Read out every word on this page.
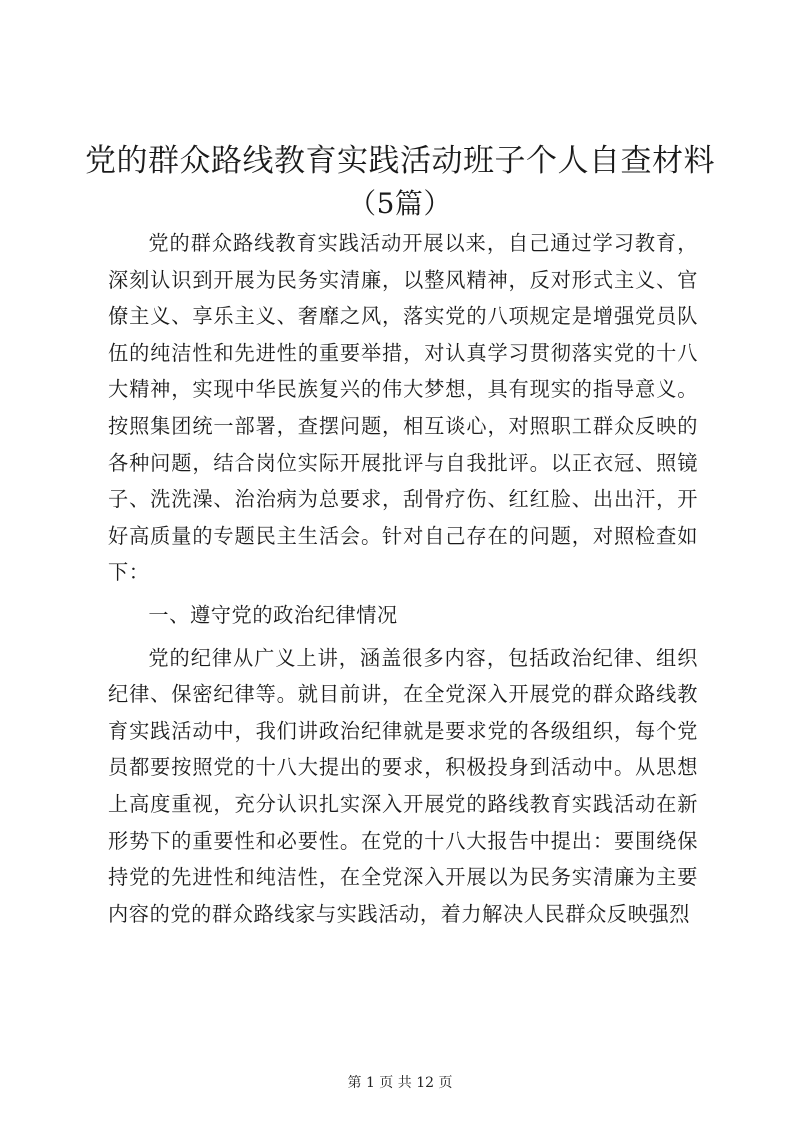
党的群众路线教育实践活动班子个人自查材料
（5篇）

党的群众路线教育实践活动开展以来，自己通过学习教育，深刻认识到开展为民务实清廉，以整风精神，反对形式主义、官僚主义、享乐主义、奢靡之风，落实党的八项规定是增强党员队伍的纯洁性和先进性的重要举措，对认真学习贯彻落实党的十八大精神，实现中华民族复兴的伟大梦想，具有现实的指导意义。按照集团统一部署，查摆问题，相互谈心，对照职工群众反映的各种问题，结合岗位实际开展批评与自我批评。以正衣冠、照镜子、洗洗澡、治治病为总要求，刮骨疗伤、红红脸、出出汗，开好高质量的专题民主生活会。针对自己存在的问题，对照检查如下：

一、遵守党的政治纪律情况

党的纪律从广义上讲，涵盖很多内容，包括政治纪律、组织纪律、保密纪律等。就目前讲，在全党深入开展党的群众路线教育实践活动中，我们讲政治纪律就是要求党的各级组织，每个党员都要按照党的十八大提出的要求，积极投身到活动中。从思想上高度重视，充分认识扎实深入开展党的路线教育实践活动在新形势下的重要性和必要性。在党的十八大报告中提出：要围绕保持党的先进性和纯洁性，在全党深入开展以为民务实清廉为主要内容的党的群众路线家与实践活动，着力解决人民群众反映强烈

第 1 页 共 12 页
